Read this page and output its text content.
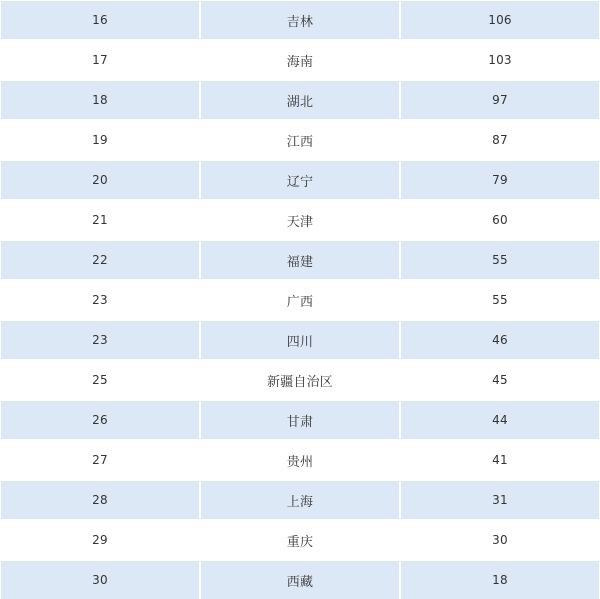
16	吉林	106
17	海南	103
18	湖北	97
19	江西	87
20	辽宁	79
21	天津	60
22	福建	55
23	广西	55
23	四川	46
25	新疆自治区	45
26	甘肃	44
27	贵州	41
28	上海	31
29	重庆	30
30	西藏	18
